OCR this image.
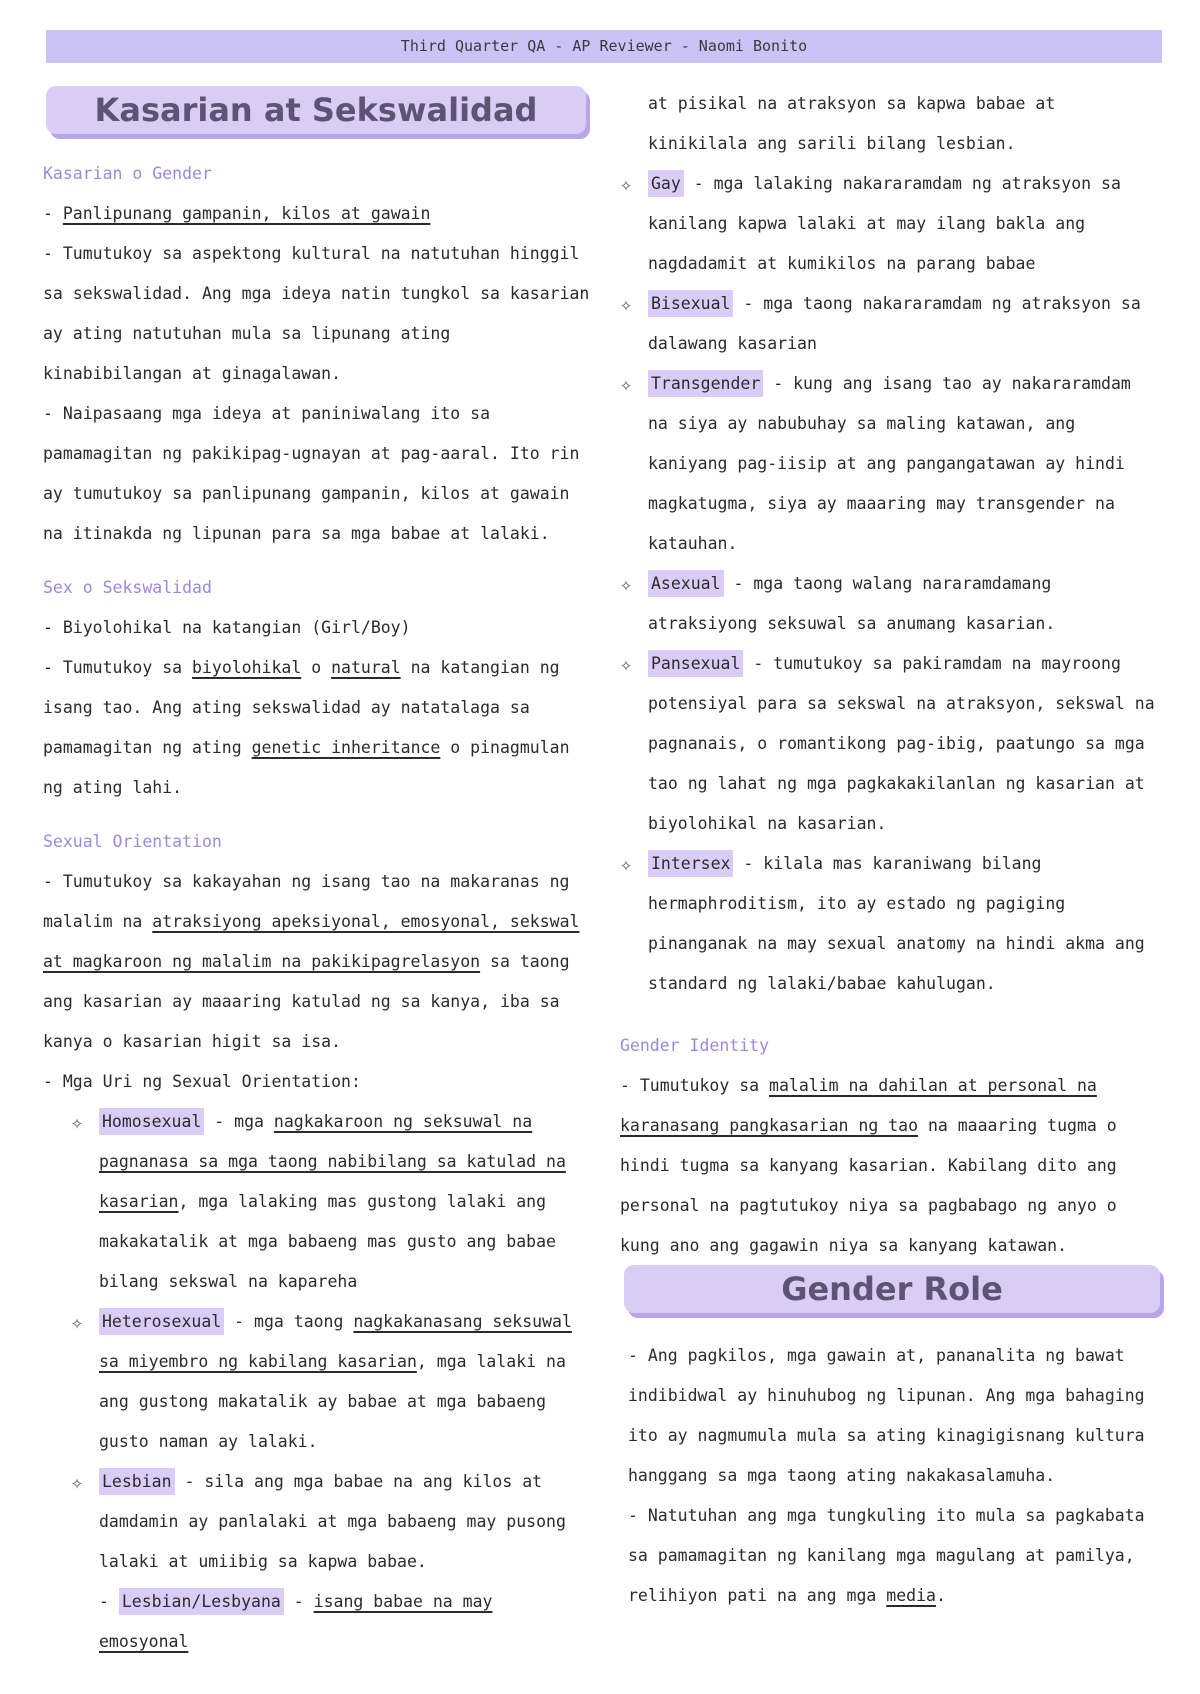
Third Quarter QA - AP Reviewer - Naomi Bonito
Kasarian at Sekswalidad

Kasarian o Gender

- Panlipunang gampanin, kilos at gawain

- Tumutukoy sa aspektong kultural na natutuhan hinggil sa sekswalidad. Ang mga ideya natin tungkol sa kasarian ay ating natutuhan mula sa lipunang ating kinabibilangan at ginagalawan.

- Naipasaang mga ideya at paniniwalang ito sa pamamagitan ng pakikipag-ugnayan at pag-aaral. Ito rin ay tumutukoy sa panlipunang gampanin, kilos at gawain na itinakda ng lipunan para sa mga babae at lalaki.

Sex o Sekswalidad

- Biyolohikal na katangian (Girl/Boy)

- Tumutukoy sa biyolohikal o natural na katangian ng isang tao. Ang ating sekswalidad ay natatalaga sa pamamagitan ng ating genetic inheritance o pinagmulan ng ating lahi.

Sexual Orientation

- Tumutukoy sa kakayahan ng isang tao na makaranas ng malalim na atraksiyong apeksiyonal, emosyonal, sekswal at magkaroon ng malalim na pakikipagrelasyon sa taong ang kasarian ay maaaring katulad ng sa kanya, iba sa kanya o kasarian higit sa isa.

- Mga Uri ng Sexual Orientation:

✧	Homosexual - mga nagkakaroon ng seksuwal na pagnanasa sa mga taong nabibilang sa katulad na kasarian, mga lalaking mas gustong lalaki ang makakatalik at mga babaeng mas gusto ang babae bilang sekswal na kapareha
✧	Heterosexual - mga taong nagkakanasang seksuwal sa miyembro ng kabilang kasarian, mga lalaki na ang gustong makatalik ay babae at mga babaeng gusto naman ay lalaki.
✧	Lesbian - sila ang mga babae na ang kilos at damdamin ay panlalaki at mga babaeng may pusong lalaki at umiibig sa kapwa babae.

- Lesbian/Lesbyana - isang babae na may emosyonal

at pisikal na atraksyon sa kapwa babae at kinikilala ang sarili bilang lesbian.

✧	Gay - mga lalaking nakararamdam ng atraksyon sa kanilang kapwa lalaki at may ilang bakla ang nagdadamit at kumikilos na parang babae
✧	Bisexual - mga taong nakararamdam ng atraksyon sa dalawang kasarian
✧	Transgender - kung ang isang tao ay nakararamdam na siya ay nabubuhay sa maling katawan, ang kaniyang pag-iisip at ang pangangatawan ay hindi magkatugma, siya ay maaaring may transgender na katauhan.
✧	Asexual - mga taong walang nararamdamang atraksiyong seksuwal sa anumang kasarian.
✧	Pansexual - tumutukoy sa pakiramdam na mayroong potensiyal para sa sekswal na atraksyon, sekswal na pagnanais, o romantikong pag-ibig, paatungo sa mga tao ng lahat ng mga pagkakakilanlan ng kasarian at biyolohikal na kasarian.
✧	Intersex - kilala mas karaniwang bilang hermaphroditism, ito ay estado ng pagiging pinanganak na may sexual anatomy na hindi akma ang standard ng lalaki/babae kahulugan.

Gender Identity

- Tumutukoy sa malalim na dahilan at personal na karanasang pangkasarian ng tao na maaaring tugma o hindi tugma sa kanyang kasarian. Kabilang dito ang personal na pagtutukoy niya sa pagbabago ng anyo o kung ano ang gagawin niya sa kanyang katawan.

Gender Role

- Ang pagkilos, mga gawain at, pananalita ng bawat indibidwal ay hinuhubog ng lipunan. Ang mga bahaging ito ay nagmumula mula sa ating kinagigisnang kultura hanggang sa mga taong ating nakakasalamuha.

- Natutuhan ang mga tungkuling ito mula sa pagkabata sa pamamagitan ng kanilang mga magulang at pamilya, relihiyon pati na ang mga media.
